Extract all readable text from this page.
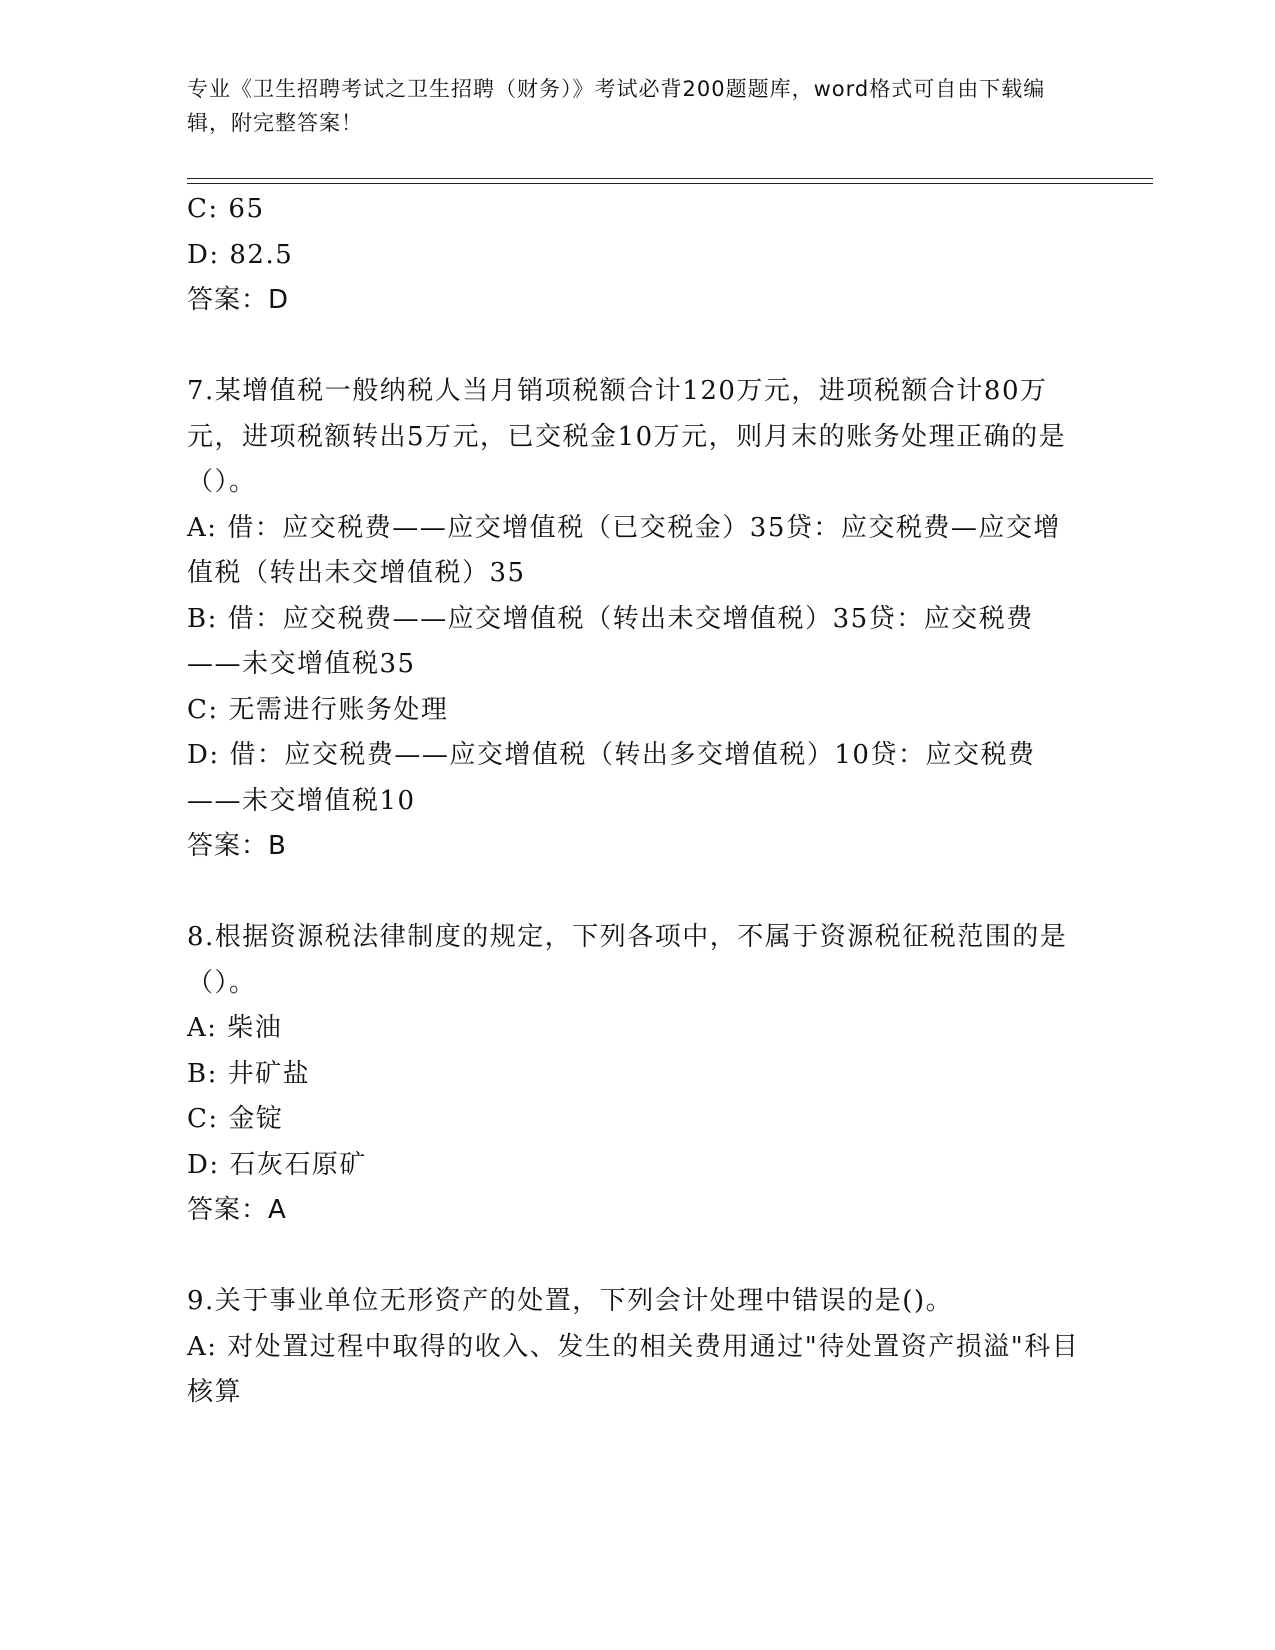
专业《卫生招聘考试之卫生招聘（财务）》考试必背200题题库，word格式可自由下载编辑，附完整答案！

C: 65

D: 82.5

答案：D

7.某增值税一般纳税人当月销项税额合计120万元，进项税额合计80万元，进项税额转出5万元，已交税金10万元，则月末的账务处理正确的是（）。

A: 借：应交税费——应交增值税（已交税金）35贷：应交税费—应交增值税（转出未交增值税）35

B: 借：应交税费——应交增值税（转出未交增值税）35贷：应交税费——未交增值税35

C: 无需进行账务处理

D: 借：应交税费——应交增值税（转出多交增值税）10贷：应交税费——未交增值税10

答案：B

8.根据资源税法律制度的规定，下列各项中，不属于资源税征税范围的是（）。

A: 柴油

B: 井矿盐

C: 金锭

D: 石灰石原矿

答案：A

9.关于事业单位无形资产的处置，下列会计处理中错误的是()。

A: 对处置过程中取得的收入、发生的相关费用通过"待处置资产损溢"科目核算
